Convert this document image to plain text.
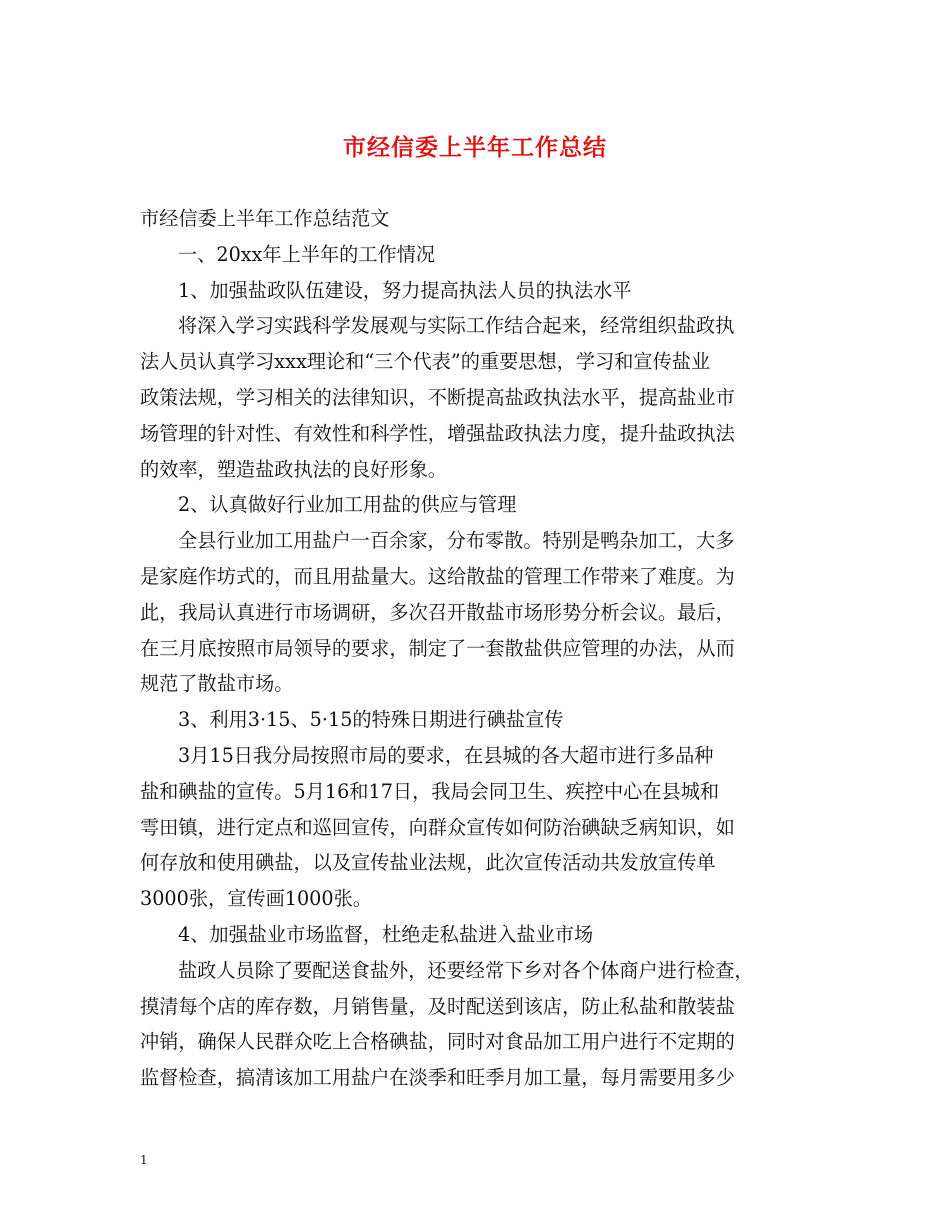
市经信委上半年工作总结
市经信委上半年工作总结范文
一、20xx年上半年的工作情况
1、加强盐政队伍建设，努力提高执法人员的执法水平
将深入学习实践科学发展观与实际工作结合起来，经常组织盐政执
法人员认真学习xxx理论和“三个代表”的重要思想，学习和宣传盐业
政策法规，学习相关的法律知识，不断提高盐政执法水平，提高盐业市
场管理的针对性、有效性和科学性，增强盐政执法力度，提升盐政执法
的效率，塑造盐政执法的良好形象。
2、认真做好行业加工用盐的供应与管理
全县行业加工用盐户一百余家，分布零散。特别是鸭杂加工，大多
是家庭作坊式的，而且用盐量大。这给散盐的管理工作带来了难度。为
此，我局认真进行市场调研，多次召开散盐市场形势分析会议。最后，
在三月底按照市局领导的要求，制定了一套散盐供应管理的办法，从而
规范了散盐市场。
3、利用3·15、5·15的特殊日期进行碘盐宣传
3月15日我分局按照市局的要求，在县城的各大超市进行多品种
盐和碘盐的宣传。5月16和17日，我局会同卫生、疾控中心在县城和
雩田镇，进行定点和巡回宣传，向群众宣传如何防治碘缺乏病知识，如
何存放和使用碘盐，以及宣传盐业法规，此次宣传活动共发放宣传单
3000张，宣传画1000张。
4、加强盐业市场监督，杜绝走私盐进入盐业市场
盐政人员除了要配送食盐外，还要经常下乡对各个体商户进行检查，
摸清每个店的库存数，月销售量，及时配送到该店，防止私盐和散装盐
冲销，确保人民群众吃上合格碘盐，同时对食品加工用户进行不定期的
监督检查，搞清该加工用盐户在淡季和旺季月加工量，每月需要用多少
1
